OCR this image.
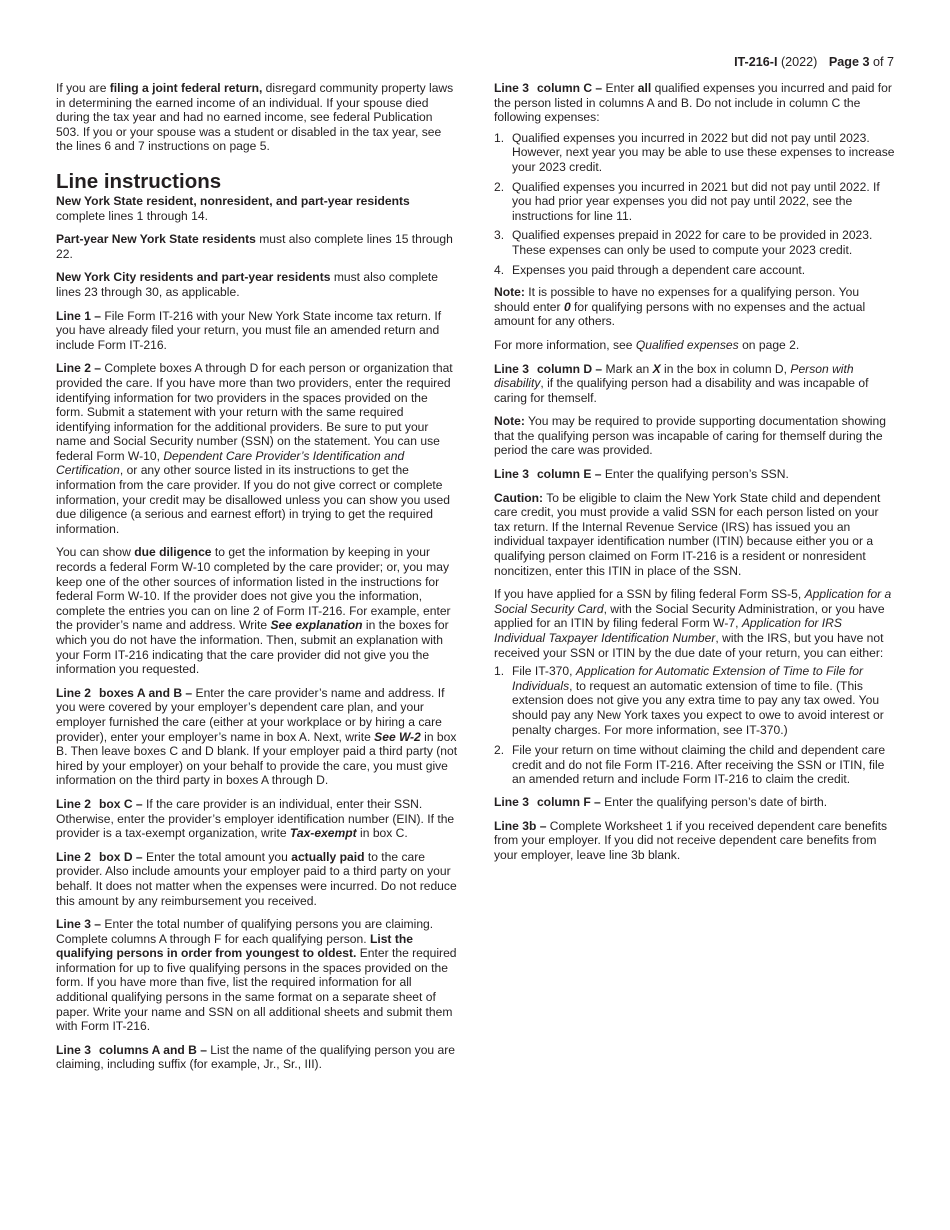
IT-216-I (2022) Page 3 of 7

If you are filing a joint federal return, disregard community property laws in determining the earned income of an individual. If your spouse died during the tax year and had no earned income, see federal Publication 503. If you or your spouse was a student or disabled in the tax year, see the lines 6 and 7 instructions on page 5.

Line instructions

New York State resident, nonresident, and part-year residents complete lines 1 through 14.

Part-year New York State residents must also complete lines 15 through 22.

New York City residents and part-year residents must also complete lines 23 through 30, as applicable.

Line 1 – File Form IT-216 with your New York State income tax return. If you have already filed your return, you must file an amended return and include Form IT-216.

Line 2 – Complete boxes A through D for each person or organization that provided the care. If you have more than two providers, enter the required identifying information for two providers in the spaces provided on the form. Submit a statement with your return with the same required identifying information for the additional providers. Be sure to put your name and Social Security number (SSN) on the statement. You can use federal Form W-10, Dependent Care Provider’s Identification and Certification, or any other source listed in its instructions to get the information from the care provider. If you do not give correct or complete information, your credit may be disallowed unless you can show you used due diligence (a serious and earnest effort) in trying to get the required information.

You can show due diligence to get the information by keeping in your records a federal Form W-10 completed by the care provider; or, you may keep one of the other sources of information listed in the instructions for federal Form W-10. If the provider does not give you the information, complete the entries you can on line 2 of Form IT-216. For example, enter the provider’s name and address. Write See explanation in the boxes for which you do not have the information. Then, submit an explanation with your Form IT-216 indicating that the care provider did not give you the information you requested.

Line 2 boxes A and B – Enter the care provider’s name and address. If you were covered by your employer’s dependent care plan, and your employer furnished the care (either at your workplace or by hiring a care provider), enter your employer’s name in box A. Next, write See W-2 in box B. Then leave boxes C and D blank. If your employer paid a third party (not hired by your employer) on your behalf to provide the care, you must give information on the third party in boxes A through D.

Line 2 box C – If the care provider is an individual, enter their SSN. Otherwise, enter the provider’s employer identification number (EIN). If the provider is a tax-exempt organization, write Tax-exempt in box C.

Line 2 box D – Enter the total amount you actually paid to the care provider. Also include amounts your employer paid to a third party on your behalf. It does not matter when the expenses were incurred. Do not reduce this amount by any reimbursement you received.

Line 3 – Enter the total number of qualifying persons you are claiming. Complete columns A through F for each qualifying person. List the qualifying persons in order from youngest to oldest. Enter the required information for up to five qualifying persons in the spaces provided on the form. If you have more than five, list the required information for all additional qualifying persons in the same format on a separate sheet of paper. Write your name and SSN on all additional sheets and submit them with Form IT-216.

Line 3 columns A and B – List the name of the qualifying person you are claiming, including suffix (for example, Jr., Sr., III).

Line 3 column C – Enter all qualified expenses you incurred and paid for the person listed in columns A and B. Do not include in column C the following expenses:

1. Qualified expenses you incurred in 2022 but did not pay until 2023. However, next year you may be able to use these expenses to increase your 2023 credit.
2. Qualified expenses you incurred in 2021 but did not pay until 2022. If you had prior year expenses you did not pay until 2022, see the instructions for line 11.
3. Qualified expenses prepaid in 2022 for care to be provided in 2023. These expenses can only be used to compute your 2023 credit.
4. Expenses you paid through a dependent care account.

Note: It is possible to have no expenses for a qualifying person. You should enter 0 for qualifying persons with no expenses and the actual amount for any others.

For more information, see Qualified expenses on page 2.

Line 3 column D – Mark an X in the box in column D, Person with disability, if the qualifying person had a disability and was incapable of caring for themself.

Note: You may be required to provide supporting documentation showing that the qualifying person was incapable of caring for themself during the period the care was provided.

Line 3 column E – Enter the qualifying person’s SSN.

Caution: To be eligible to claim the New York State child and dependent care credit, you must provide a valid SSN for each person listed on your tax return. If the Internal Revenue Service (IRS) has issued you an individual taxpayer identification number (ITIN) because either you or a qualifying person claimed on Form IT-216 is a resident or nonresident noncitizen, enter this ITIN in place of the SSN.

If you have applied for a SSN by filing federal Form SS-5, Application for a Social Security Card, with the Social Security Administration, or you have applied for an ITIN by filing federal Form W-7, Application for IRS Individual Taxpayer Identification Number, with the IRS, but you have not received your SSN or ITIN by the due date of your return, you can either:

1. File IT-370, Application for Automatic Extension of Time to File for Individuals, to request an automatic extension of time to file. (This extension does not give you any extra time to pay any tax owed. You should pay any New York taxes you expect to owe to avoid interest or penalty charges. For more information, see IT-370.)
2. File your return on time without claiming the child and dependent care credit and do not file Form IT-216. After receiving the SSN or ITIN, file an amended return and include Form IT-216 to claim the credit.

Line 3 column F – Enter the qualifying person’s date of birth.

Line 3b – Complete Worksheet 1 if you received dependent care benefits from your employer. If you did not receive dependent care benefits from your employer, leave line 3b blank.
